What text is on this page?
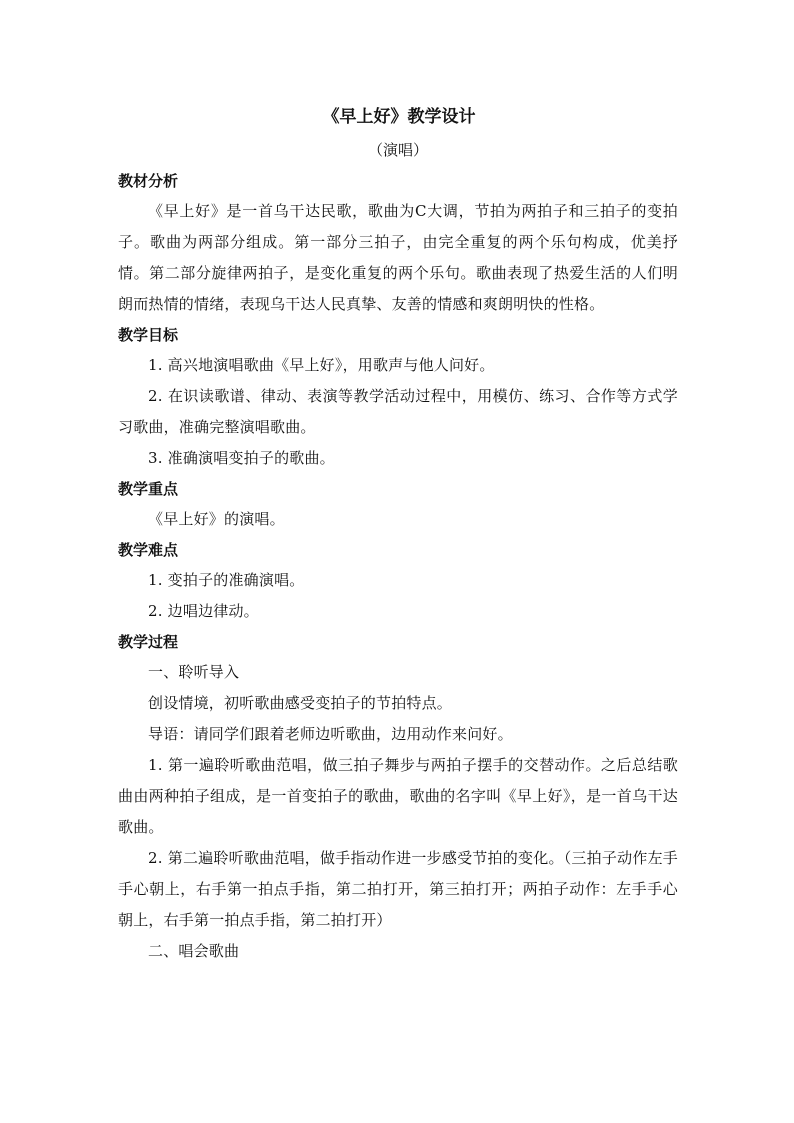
《早上好》教学设计

（演唱）

教材分析

《早上好》是一首乌干达民歌，歌曲为C大调，节拍为两拍子和三拍子的变拍子。歌曲为两部分组成。第一部分三拍子，由完全重复的两个乐句构成，优美抒情。第二部分旋律两拍子，是变化重复的两个乐句。歌曲表现了热爱生活的人们明朗而热情的情绪，表现乌干达人民真挚、友善的情感和爽朗明快的性格。

教学目标

1. 高兴地演唱歌曲《早上好》，用歌声与他人问好。

2. 在识读歌谱、律动、表演等教学活动过程中，用模仿、练习、合作等方式学习歌曲，准确完整演唱歌曲。

3. 准确演唱变拍子的歌曲。

教学重点

《早上好》的演唱。

教学难点

1. 变拍子的准确演唱。

2. 边唱边律动。

教学过程

一、聆听导入

创设情境，初听歌曲感受变拍子的节拍特点。

导语：请同学们跟着老师边听歌曲，边用动作来问好。

1. 第一遍聆听歌曲范唱，做三拍子舞步与两拍子摆手的交替动作。之后总结歌曲由两种拍子组成，是一首变拍子的歌曲，歌曲的名字叫《早上好》，是一首乌干达歌曲。

2. 第二遍聆听歌曲范唱，做手指动作进一步感受节拍的变化。（三拍子动作左手手心朝上，右手第一拍点手指，第二拍打开，第三拍打开；两拍子动作：左手手心朝上，右手第一拍点手指，第二拍打开）

二、唱会歌曲
